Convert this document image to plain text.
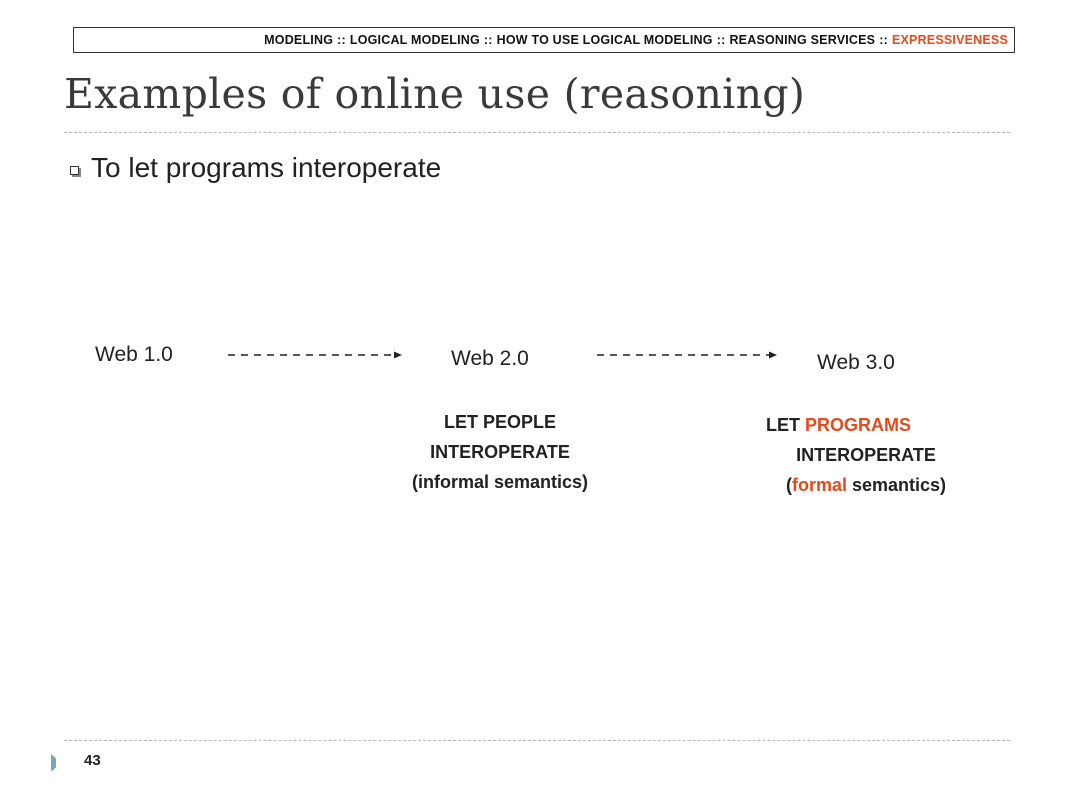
MODELING :: LOGICAL MODELING :: HOW TO USE LOGICAL MODELING :: REASONING SERVICES :: EXPRESSIVENESS
Examples of online use (reasoning)
To let programs interoperate
Web 1.0	Web 2.0	Web 3.0
LET PEOPLE
INTEROPERATE
(informal semantics)
LET PROGRAMS
INTEROPERATE
(formal semantics)
43
